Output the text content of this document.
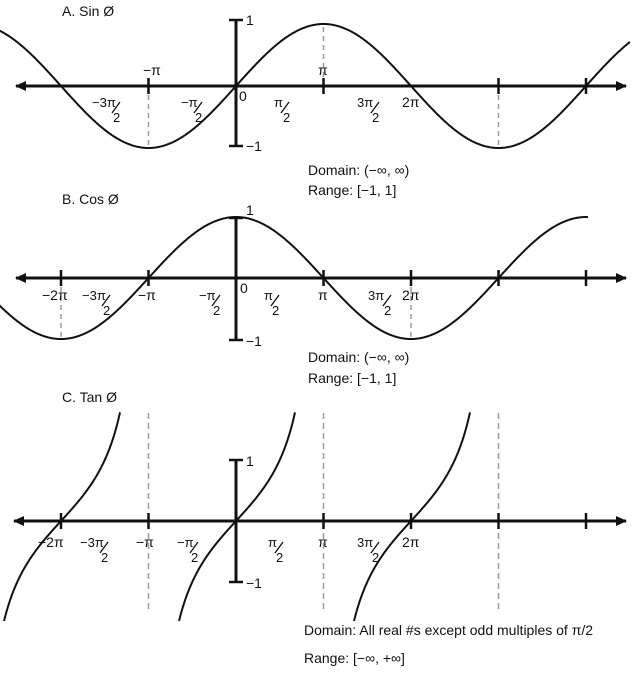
A. Sin Ø
1
−1
0
−π	π
2π
−3π
2
−π
2
π
2
3π
2
Domain: (−∞, ∞)
Range: [−1, 1]
B. Cos Ø
1
−1
0
−2π	−π	π	2π
−3π
2
−π
2
π
2
3π
2
Domain: (−∞, ∞)
Range: [−1, 1]
C. Tan Ø
1
−1
−2π	−π	π	2π
−3π
2
−π
2
π
2
3π
2
Domain: All real #s except odd multiples of π/2
Range: [−∞, +∞]
